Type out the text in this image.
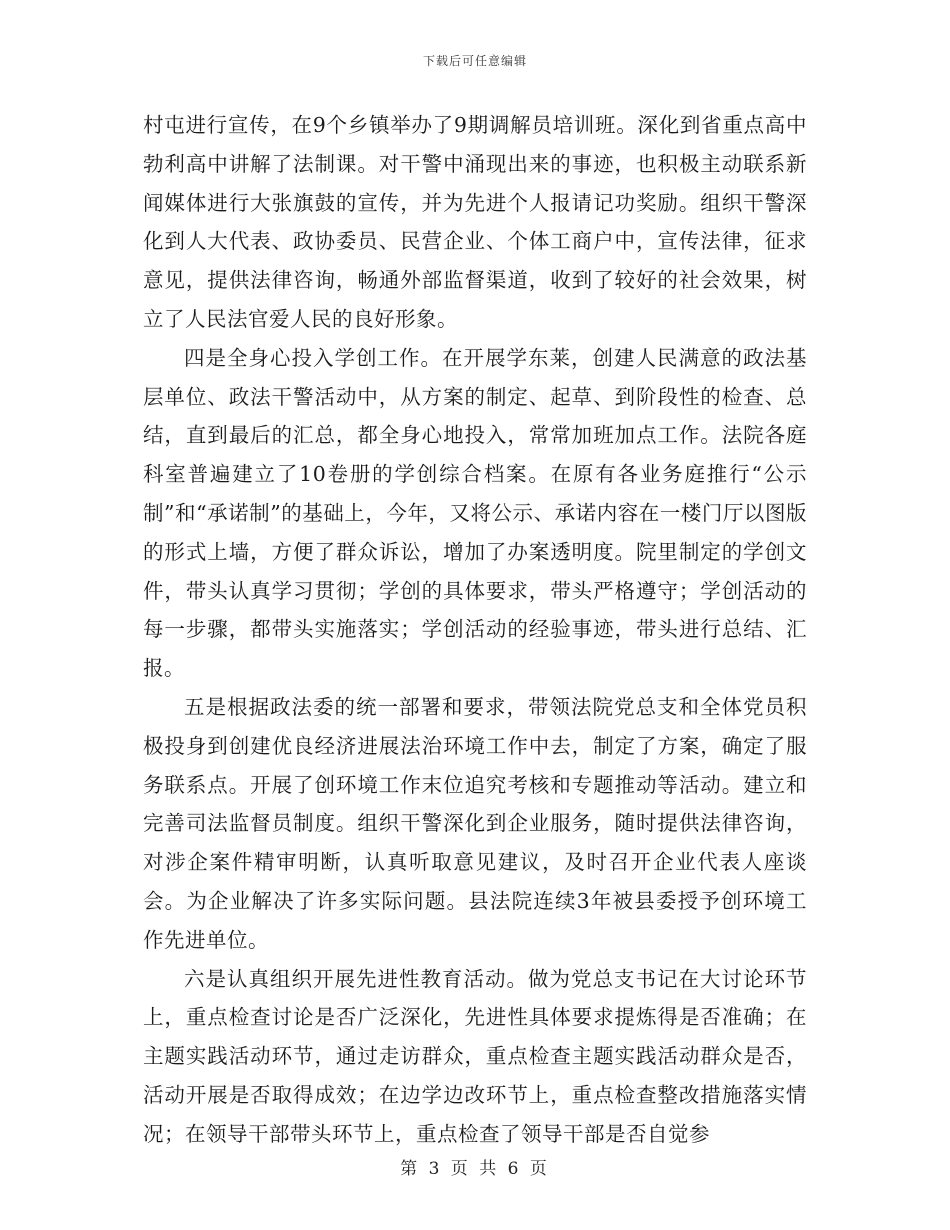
下载后可任意编辑

村屯进行宣传，在9个乡镇举办了9期调解员培训班。深化到省重点高中勃利高中讲解了法制课。对干警中涌现出来的事迹，也积极主动联系新闻媒体进行大张旗鼓的宣传，并为先进个人报请记功奖励。组织干警深化到人大代表、政协委员、民营企业、个体工商户中，宣传法律，征求意见，提供法律咨询，畅通外部监督渠道，收到了较好的社会效果，树立了人民法官爱人民的良好形象。

四是全身心投入学创工作。在开展学东莱，创建人民满意的政法基层单位、政法干警活动中，从方案的制定、起草、到阶段性的检查、总结，直到最后的汇总，都全身心地投入，常常加班加点工作。法院各庭科室普遍建立了10卷册的学创综合档案。在原有各业务庭推行“公示制”和“承诺制”的基础上，今年，又将公示、承诺内容在一楼门厅以图版的形式上墙，方便了群众诉讼，增加了办案透明度。院里制定的学创文件，带头认真学习贯彻；学创的具体要求，带头严格遵守；学创活动的每一步骤，都带头实施落实；学创活动的经验事迹，带头进行总结、汇报。

五是根据政法委的统一部署和要求，带领法院党总支和全体党员积极投身到创建优良经济进展法治环境工作中去，制定了方案，确定了服务联系点。开展了创环境工作末位追究考核和专题推动等活动。建立和完善司法监督员制度。组织干警深化到企业服务，随时提供法律咨询，对涉企案件精审明断，认真听取意见建议，及时召开企业代表人座谈会。为企业解决了许多实际问题。县法院连续3年被县委授予创环境工作先进单位。

六是认真组织开展先进性教育活动。做为党总支书记在大讨论环节上，重点检查讨论是否广泛深化，先进性具体要求提炼得是否准确；在主题实践活动环节，通过走访群众，重点检查主题实践活动群众是否，活动开展是否取得成效；在边学边改环节上，重点检查整改措施落实情况；在领导干部带头环节上，重点检查了领导干部是否自觉参

第 3 页 共 6 页
